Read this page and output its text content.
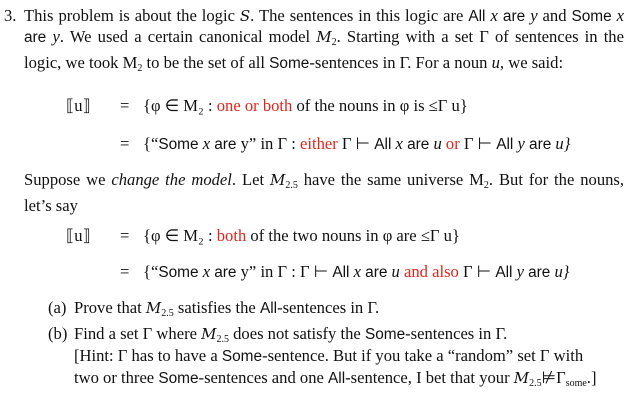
3. This problem is about the logic S. The sentences in this logic are All x are y and Some x are y. We used a certain canonical model $M_2$. Starting with a set Γ of sentences in the logic, we took $M_2$ to be the set of all Some-sentences in Γ. For a noun u, we said:

⟦u⟧ = {φ ∈ M₂ : one or both of the nouns in φ is ≤Γ u}
= {“Some x are y” in Γ : either Γ ⊢ All x are u or Γ ⊢ All y are u}

Suppose we change the model. Let $M_{2.5}$ have the same universe $M_2$. But for the nouns, let’s say

⟦u⟧ = {φ ∈ M₂ : both of the two nouns in φ are ≤Γ u}
= {“Some x are y” in Γ : Γ ⊢ All x are u and also Γ ⊢ All y are u}
(a) Prove that $M_{2.5}$ satisfies the All-sentences in Γ.
(b) Find a set Γ where $M_{2.5}$ does not satisfy the Some-sentences in Γ.
[Hint: Γ has to have a Some-sentence. But if you take a “random” set Γ with
two or three Some-sentences and one All-sentence, I bet that your $M_{2.5}⊭\Gamma_{some}$.]
